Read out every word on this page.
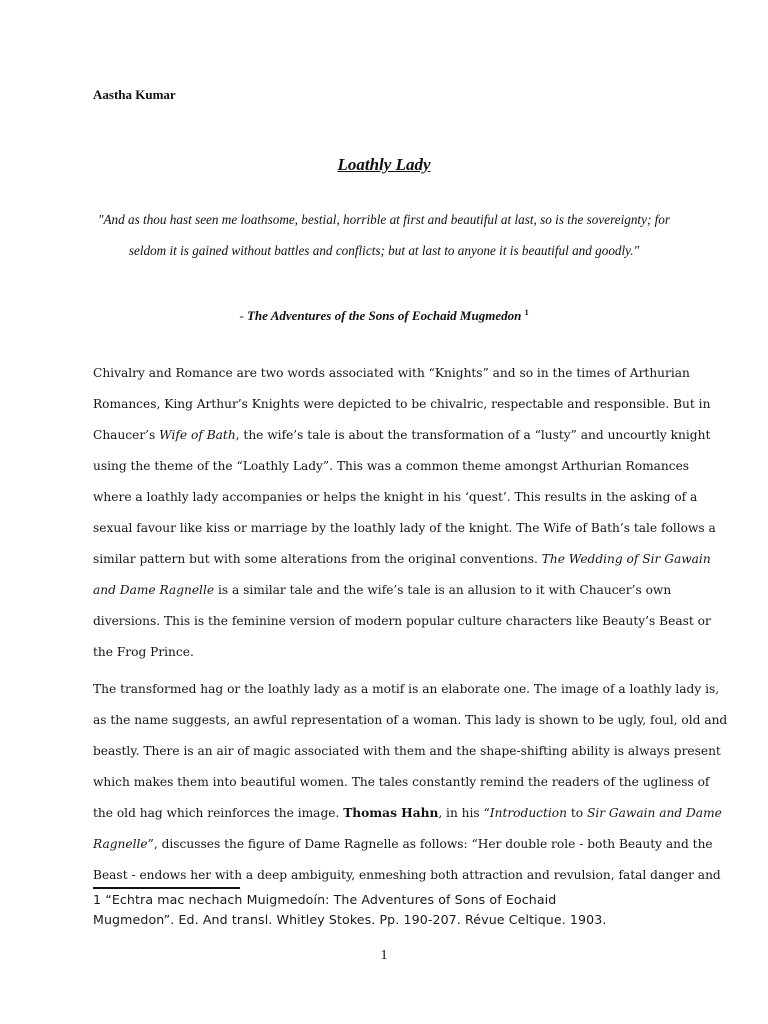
Aastha Kumar
Loathly Lady
"And as thou hast seen me loathsome, bestial, horrible at first and beautiful at last, so is the sovereignty; for seldom it is gained without battles and conflicts; but at last to anyone it is beautiful and goodly."
- The Adventures of the Sons of Eochaid Mugmedon $^1$
Chivalry and Romance are two words associated with “Knights” and so in the times of Arthurian
Romances, King Arthur’s Knights were depicted to be chivalric, respectable and responsible. But in
Chaucer’s Wife of Bath, the wife’s tale is about the transformation of a “lusty” and uncourtly knight
using the theme of the “Loathly Lady”. This was a common theme amongst Arthurian Romances
where a loathly lady accompanies or helps the knight in his ‘quest’. This results in the asking of a
sexual favour like kiss or marriage by the loathly lady of the knight. The Wife of Bath’s tale follows a
similar pattern but with some alterations from the original conventions. The Wedding of Sir Gawain
and Dame Ragnelle is a similar tale and the wife’s tale is an allusion to it with Chaucer’s own
diversions. This is the feminine version of modern popular culture characters like Beauty’s Beast or
the Frog Prince.
The transformed hag or the loathly lady as a motif is an elaborate one. The image of a loathly lady is,
as the name suggests, an awful representation of a woman. This lady is shown to be ugly, foul, old and
beastly. There is an air of magic associated with them and the shape-shifting ability is always present
which makes them into beautiful women. The tales constantly remind the readers of the ugliness of
the old hag which reinforces the image. Thomas Hahn, in his “Introduction to Sir Gawain and Dame
Ragnelle”, discusses the figure of Dame Ragnelle as follows: “Her double role - both Beauty and the
Beast - endows her with a deep ambiguity, enmeshing both attraction and revulsion, fatal danger and
1 “Echtra mac nechach Muigmedoín: The Adventures of Sons of Eochaid
Mugmedon”. Ed. And transl. Whitley Stokes. Pp. 190-207. Révue Celtique. 1903.
1
